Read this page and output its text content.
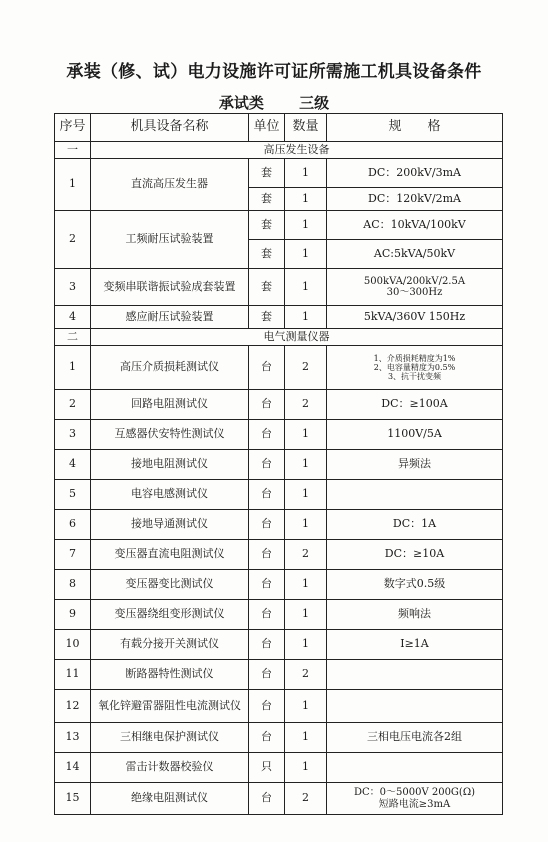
承装（修、试）电力设施许可证所需施工机具设备条件
承试类 三级
序号	机具设备名称	单位	数量	规　　格
一	高压发生设备			
1	直流高压发生器	套	1	DC：200kV/3mA
		套	1	DC：120kV/2mA
2	工频耐压试验装置	套	1	AC：10kVA/100kV
		套	1	AC:5kVA/50kV
3	变频串联谐振试验成套装置	套	1	500kVA/200kV/2.5A
30～300Hz

4	感应耐压试验装置	套	1	5kVA/360V 150Hz
二	电气测量仪器			
1	高压介质损耗测试仪	台	2	1、介质损耗精度为1%
2、电容量精度为0.5%
3、抗干扰变频

2	回路电阻测试仪	台	2	DC：≥100A
3	互感器伏安特性测试仪	台	1	1100V/5A
4	接地电阻测试仪	台	1	异频法
5	电容电感测试仪	台	1	
6	接地导通测试仪	台	1	DC：1A
7	变压器直流电阻测试仪	台	2	DC：≥10A
8	变压器变比测试仪	台	1	数字式0.5级
9	变压器绕组变形测试仪	台	1	频响法
10	有载分接开关测试仪	台	1	I≥1A
11	断路器特性测试仪	台	2	
12	氧化锌避雷器阻性电流测试仪	台	1	
13	三相继电保护测试仪	台	1	三相电压电流各2组
14	雷击计数器校验仪	只	1	
15	绝缘电阻测试仪	台	2	DC：0～5000V 200G(Ω)
短路电流≥3mA
